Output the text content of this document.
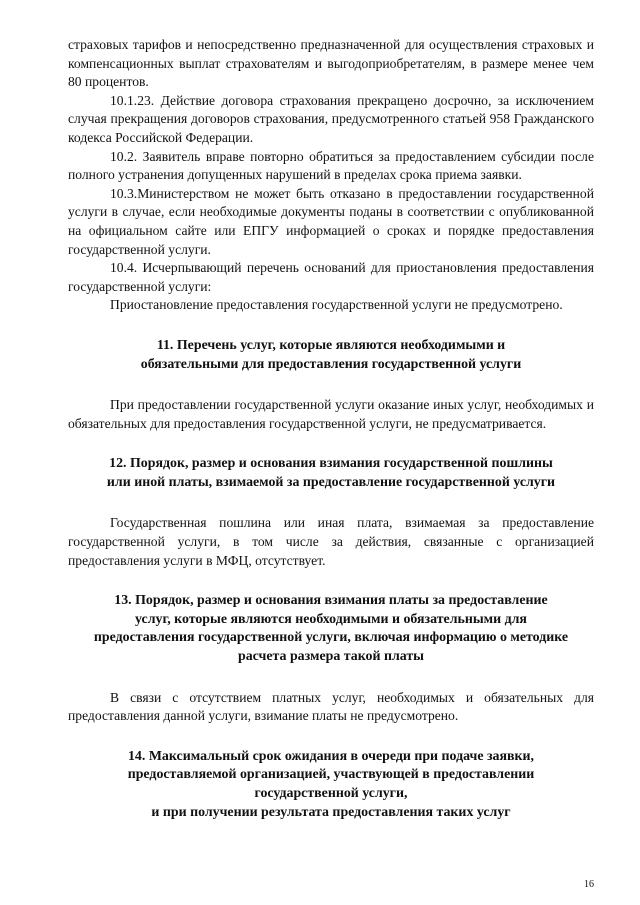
страховых тарифов и непосредственно предназначенной для осуществления страховых и компенсационных выплат страхователям и выгодоприобретателям, в размере менее чем 80 процентов.

10.1.23. Действие договора страхования прекращено досрочно, за исключением случая прекращения договоров страхования, предусмотренного статьей 958 Гражданского кодекса Российской Федерации.

10.2. Заявитель вправе повторно обратиться за предоставлением субсидии после полного устранения допущенных нарушений в пределах срока приема заявки.

10.3.Министерством не может быть отказано в предоставлении государственной услуги в случае, если необходимые документы поданы в соответствии с опубликованной на официальном сайте или ЕПГУ информацией о сроках и порядке предоставления государственной услуги.

10.4. Исчерпывающий перечень оснований для приостановления предоставления государственной услуги:

Приостановление предоставления государственной услуги не предусмотрено.

11. Перечень услуг, которые являются необходимыми и

обязательными для предоставления государственной услуги

При предоставлении государственной услуги оказание иных услуг, необходимых и обязательных для предоставления государственной услуги, не предусматривается.

12. Порядок, размер и основания взимания государственной пошлины

или иной платы, взимаемой за предоставление государственной услуги

Государственная пошлина или иная плата, взимаемая за предоставление государственной услуги, в том числе за действия, связанные с организацией предоставления услуги в МФЦ, отсутствует.

13. Порядок, размер и основания взимания платы за предоставление

услуг, которые являются необходимыми и обязательными для

предоставления государственной услуги, включая информацию о методике

расчета размера такой платы

В связи с отсутствием платных услуг, необходимых и обязательных для предоставления данной услуги, взимание платы не предусмотрено.

14. Максимальный срок ожидания в очереди при подаче заявки,

предоставляемой организацией, участвующей в предоставлении

государственной услуги,

и при получении результата предоставления таких услуг

16
